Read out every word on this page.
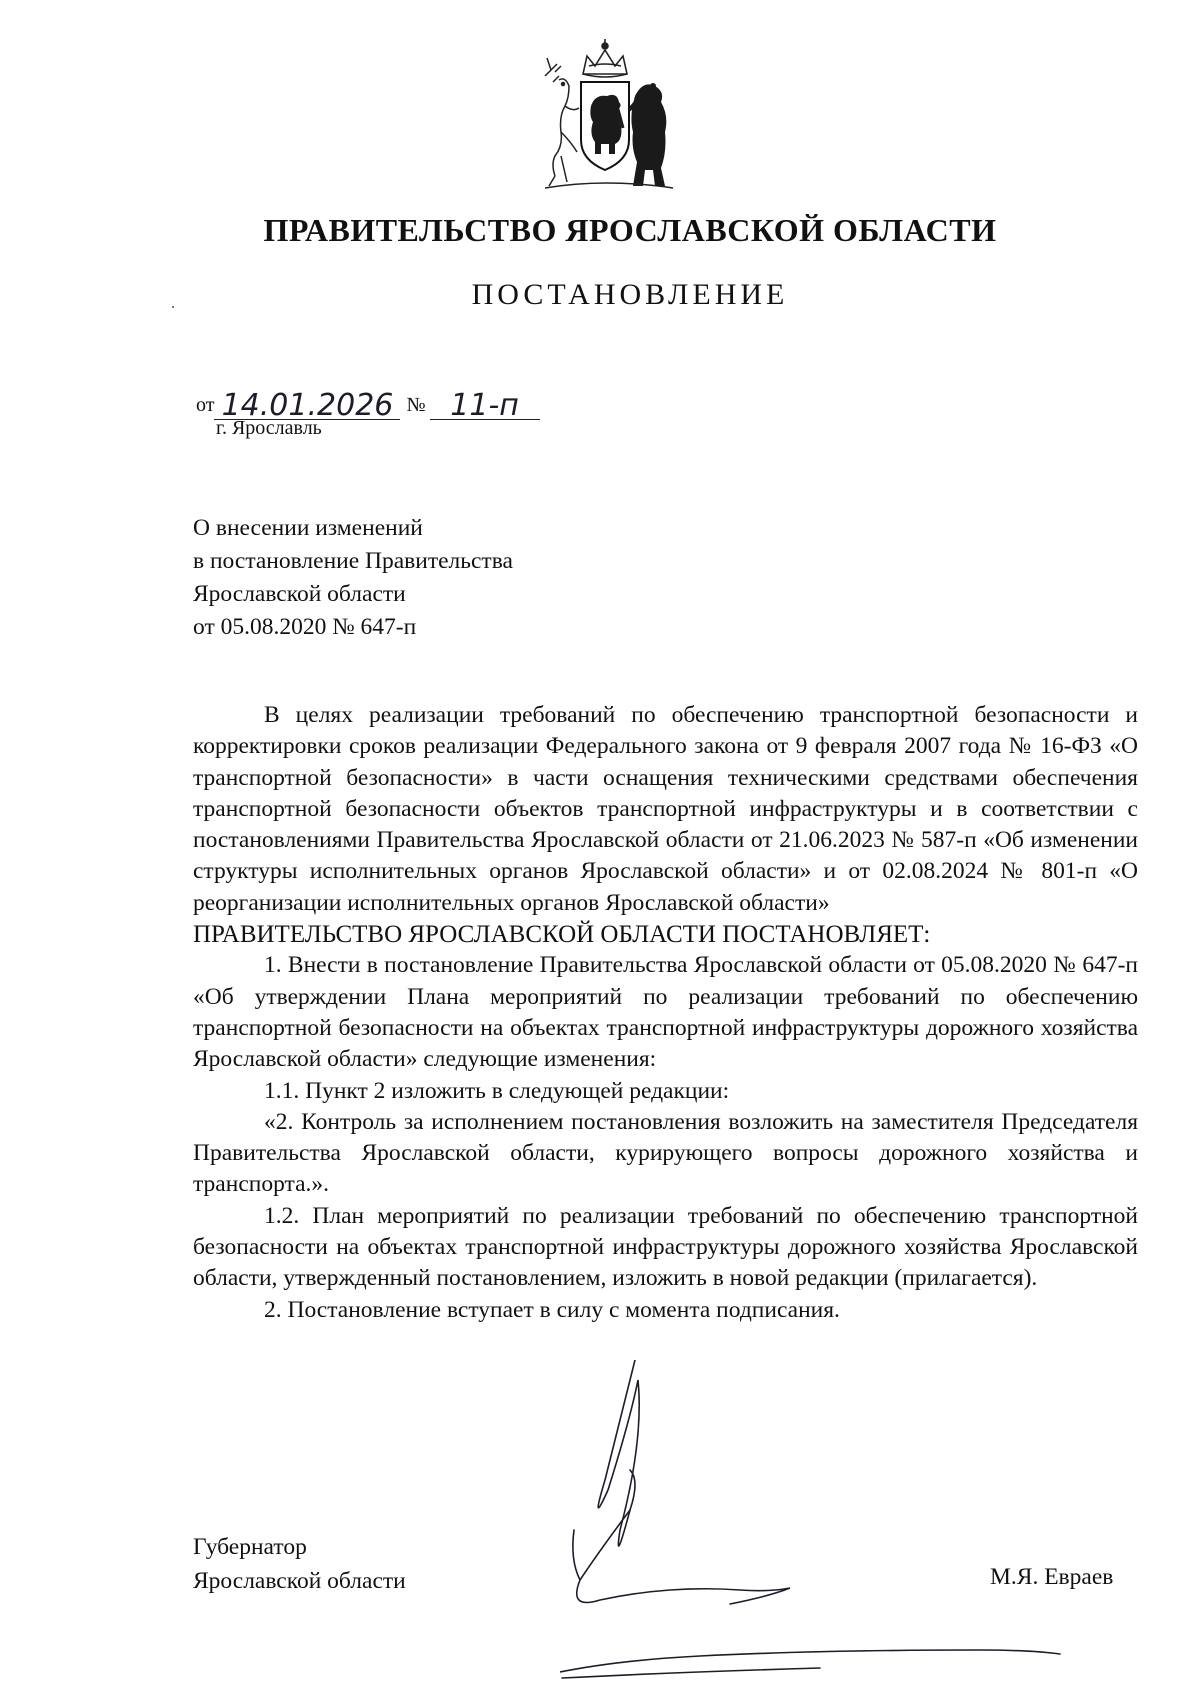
ПРАВИТЕЛЬСТВО ЯРОСЛАВСКОЙ ОБЛАСТИ
ПОСТАНОВЛЕНИЕ
от 14.01.2026 № 11-п
г. Ярославль
О внесении изменений
в постановление Правительства
Ярославской области
от 05.08.2020 № 647-п

В целях реализации требований по обеспечению транспортной безопасности и корректировки сроков реализации Федерального закона от 9 февраля 2007 года № 16-ФЗ «О транспортной безопасности» в части оснащения техническими средствами обеспечения транспортной безопасности объектов транспортной инфраструктуры и в соответствии с постановлениями Правительства Ярославской области от 21.06.2023 № 587-п «Об изменении структуры исполнительных органов Ярославской области» и от 02.08.2024 № 801-п «О реорганизации исполнительных органов Ярославской области»

ПРАВИТЕЛЬСТВО ЯРОСЛАВСКОЙ ОБЛАСТИ ПОСТАНОВЛЯЕТ:

1. Внести в постановление Правительства Ярославской области от 05.08.2020 № 647-п «Об утверждении Плана мероприятий по реализации требований по обеспечению транспортной безопасности на объектах транспортной инфраструктуры дорожного хозяйства Ярославской области» следующие изменения:

1.1. Пункт 2 изложить в следующей редакции:

«2. Контроль за исполнением постановления возложить на заместителя Председателя Правительства Ярославской области, курирующего вопросы дорожного хозяйства и транспорта.».

1.2. План мероприятий по реализации требований по обеспечению транспортной безопасности на объектах транспортной инфраструктуры дорожного хозяйства Ярославской области, утвержденный постановлением, изложить в новой редакции (прилагается).

2. Постановление вступает в силу с момента подписания.

Губернатор
Ярославской области	М.Я. Евраев
